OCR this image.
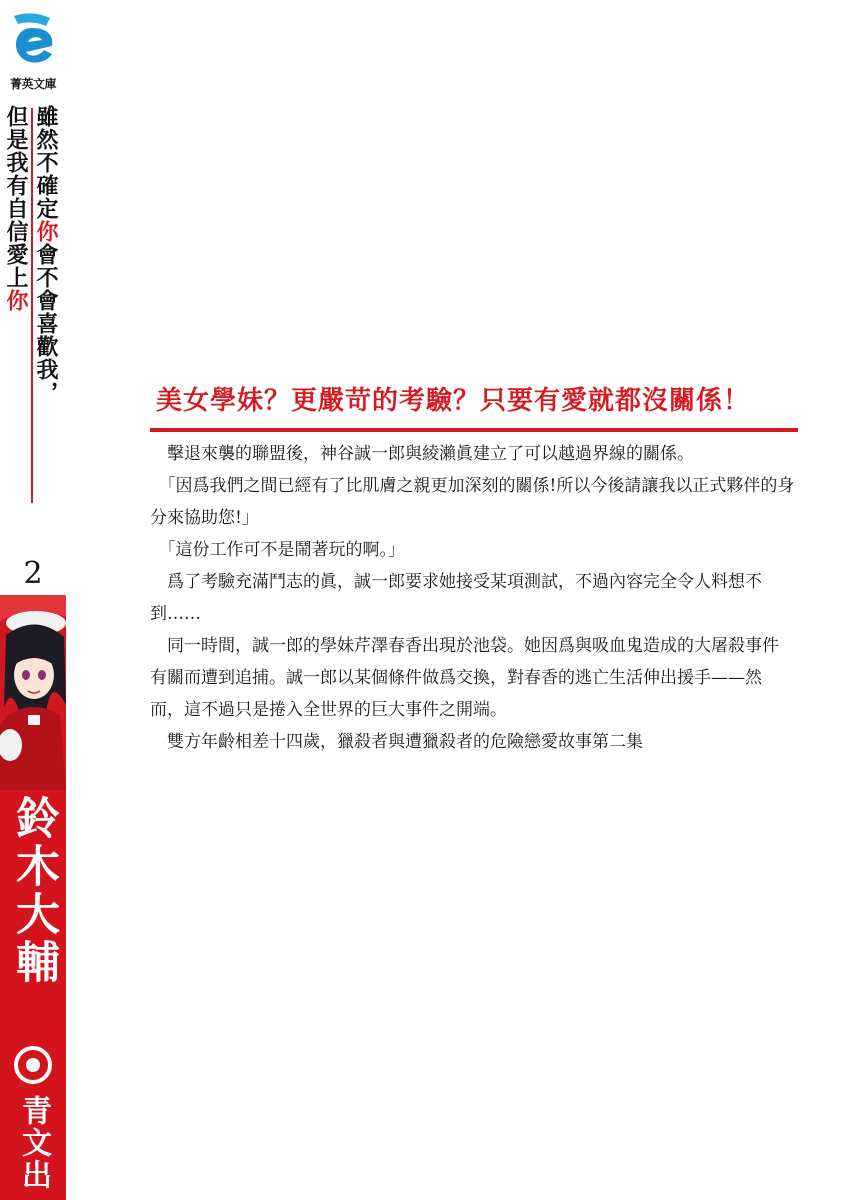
菁英文庫
雖然不確定你會不會喜歡我，
但是我有自信愛上你
2
鈴木大輔
青文出
美女學妹？更嚴苛的考驗？只要有愛就都沒關係！

擊退來襲的聯盟後，神谷誠一郎與綾瀨眞建立了可以越過界線的關係。

「因爲我們之間已經有了比肌膚之親更加深刻的關係!所以今後請讓我以正式夥伴的身分來協助您!」

「這份工作可不是鬧著玩的啊。」

爲了考驗充滿鬥志的眞，誠一郎要求她接受某項測試，不過內容完全令人料想不到……

同一時間，誠一郎的學妹芹澤春香出現於池袋。她因爲與吸血鬼造成的大屠殺事件有關而遭到追捕。誠一郎以某個條件做爲交換，對春香的逃亡生活伸出援手——然而，這不過只是捲入全世界的巨大事件之開端。

雙方年齡相差十四歲，獵殺者與遭獵殺者的危險戀愛故事第二集
